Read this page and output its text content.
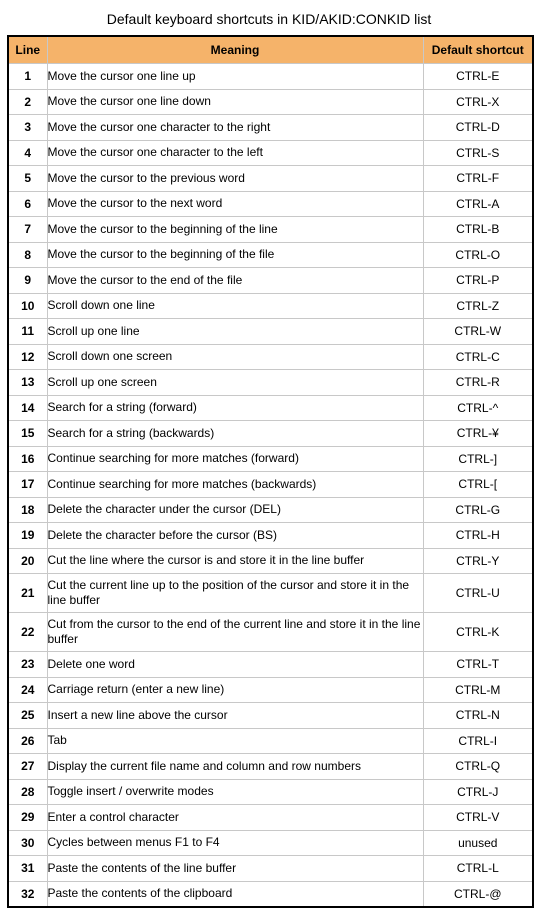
Default keyboard shortcuts in KID/AKID:CONKID list
Line	Meaning	Default shortcut
1	Move the cursor one line up	CTRL-E
2	Move the cursor one line down	CTRL-X
3	Move the cursor one character to the right	CTRL-D
4	Move the cursor one character to the left	CTRL-S
5	Move the cursor to the previous word	CTRL-F
6	Move the cursor to the next word	CTRL-A
7	Move the cursor to the beginning of the line	CTRL-B
8	Move the cursor to the beginning of the file	CTRL-O
9	Move the cursor to the end of the file	CTRL-P
10	Scroll down one line	CTRL-Z
11	Scroll up one line	CTRL-W
12	Scroll down one screen	CTRL-C
13	Scroll up one screen	CTRL-R
14	Search for a string (forward)	CTRL-^
15	Search for a string (backwards)	CTRL-¥
16	Continue searching for more matches (forward)	CTRL-]
17	Continue searching for more matches (backwards)	CTRL-[
18	Delete the character under the cursor (DEL)	CTRL-G
19	Delete the character before the cursor (BS)	CTRL-H
20	Cut the line where the cursor is and store it in the line buffer	CTRL-Y
21	Cut the current line up to the position of the cursor and store it in the line buffer	CTRL-U
22	Cut from the cursor to the end of the current line and store it in the line buffer	CTRL-K
23	Delete one word	CTRL-T
24	Carriage return (enter a new line)	CTRL-M
25	Insert a new line above the cursor	CTRL-N
26	Tab	CTRL-I
27	Display the current file name and column and row numbers	CTRL-Q
28	Toggle insert / overwrite modes	CTRL-J
29	Enter a control character	CTRL-V
30	Cycles between menus F1 to F4	unused
31	Paste the contents of the line buffer	CTRL-L
32	Paste the contents of the clipboard	CTRL-@
